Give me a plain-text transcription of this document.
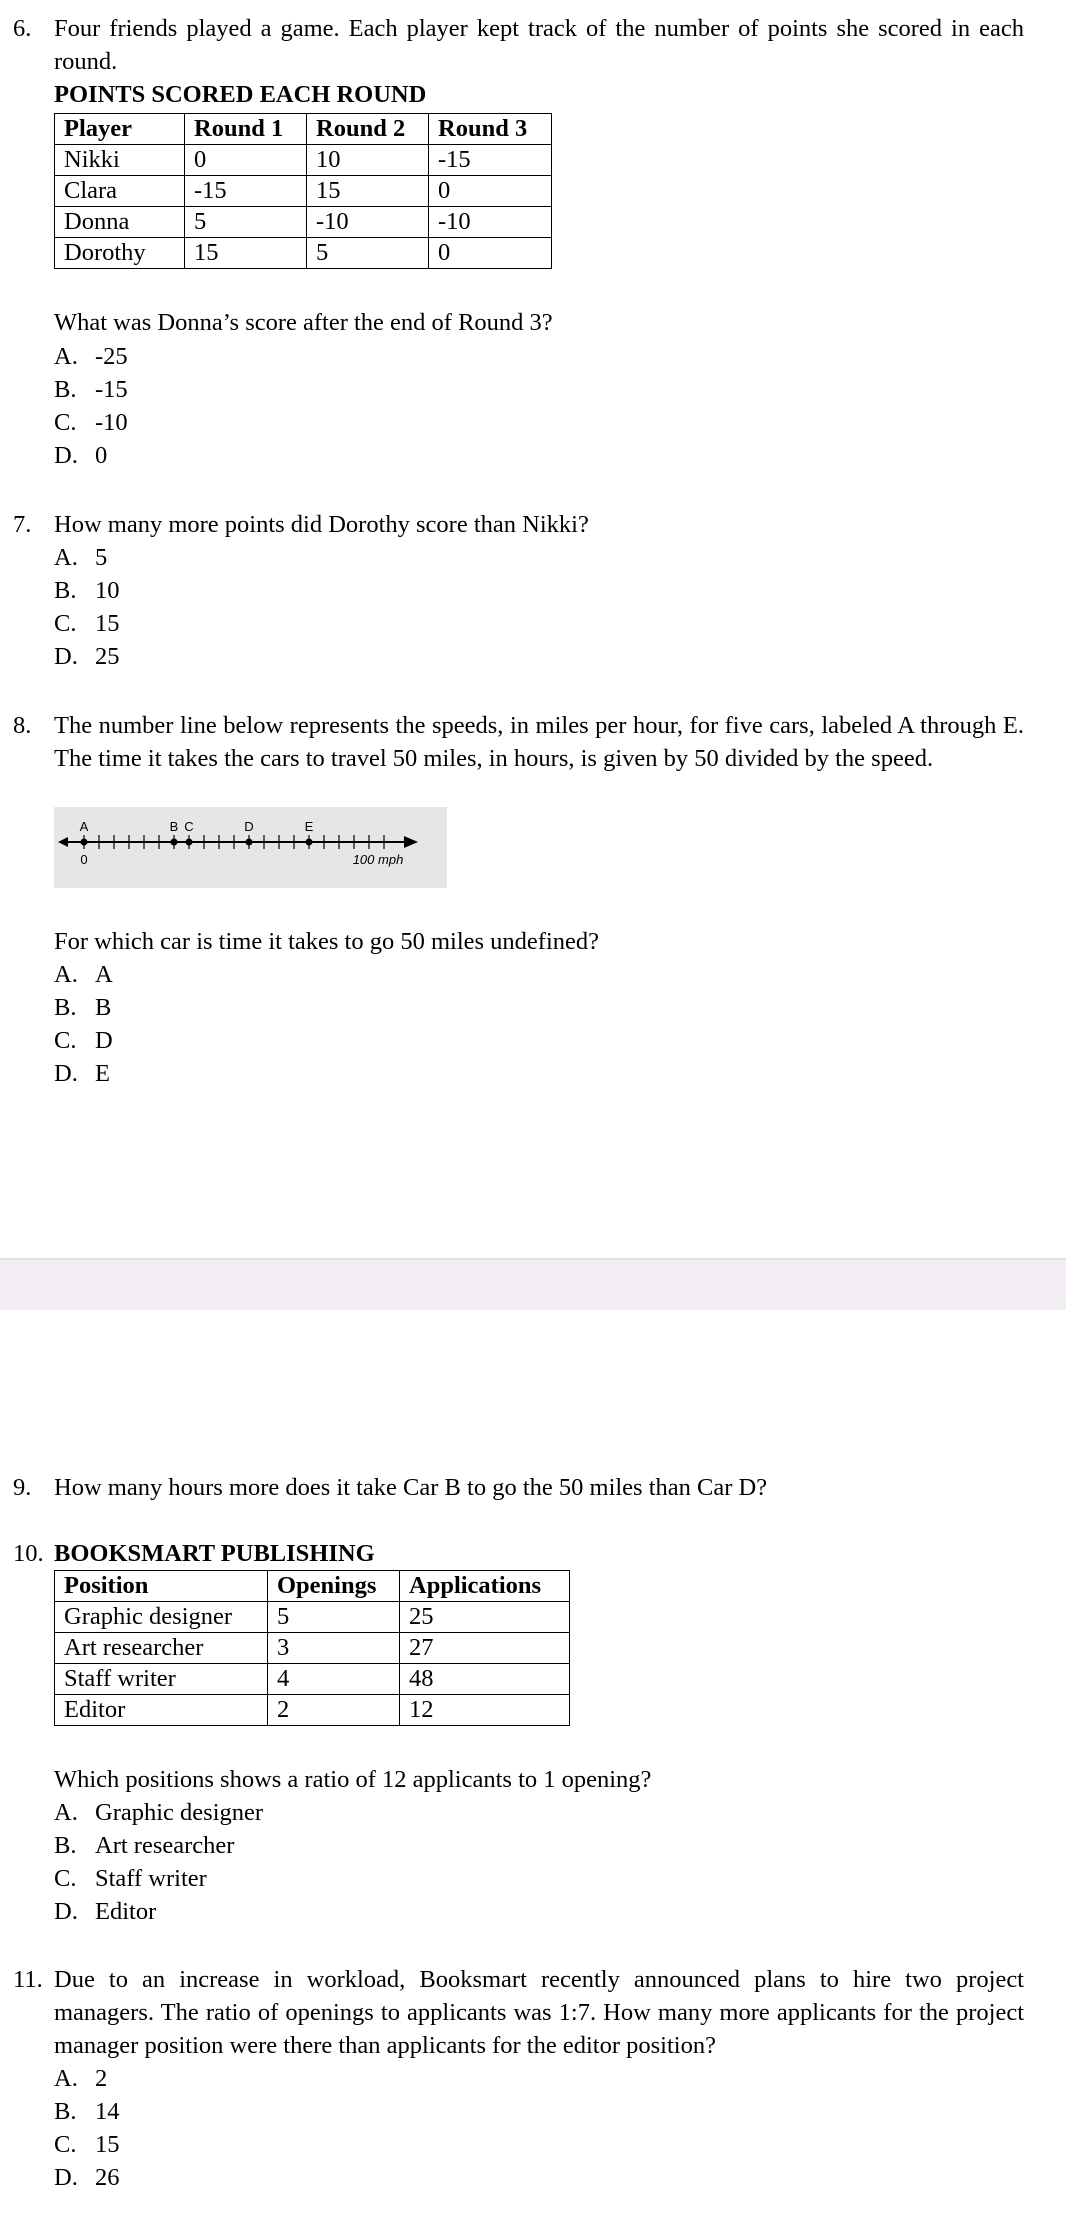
6. Four friends played a game. Each player kept track of the number of points she scored in each round.
POINTS SCORED EACH ROUND
Player	Round 1	Round 2	Round 3
Nikki	0	10	-15
Clara	-15	15	0
Donna	5	-10	-10
Dorothy	15	5	0
What was Donna’s score after the end of Round 3?
A. -25
B. -15
C. -10
D. 0
7. How many more points did Dorothy score than Nikki?
A. 5
B. 10
C. 15
D. 25
8. The number line below represents the speeds, in miles per hour, for five cars, labeled A through E. The time it takes the cars to travel 50 miles, in hours, is given by 50 divided by the speed.
A	B C	D	E
0	100 mph
For which car is time it takes to go 50 miles undefined?
A. A
B. B
C. D
D. E
9. How many hours more does it take Car B to go the 50 miles than Car D?
10. BOOKSMART PUBLISHING
Position	Openings	Applications
Graphic designer	5	25
Art researcher	3	27
Staff writer	4	48
Editor	2	12
Which positions shows a ratio of 12 applicants to 1 opening?
A. Graphic designer
B. Art researcher
C. Staff writer
D. Editor
11. Due to an increase in workload, Booksmart recently announced plans to hire two project managers. The ratio of openings to applicants was 1:7. How many more applicants for the project manager position were there than applicants for the editor position?
A. 2
B. 14
C. 15
D. 26
